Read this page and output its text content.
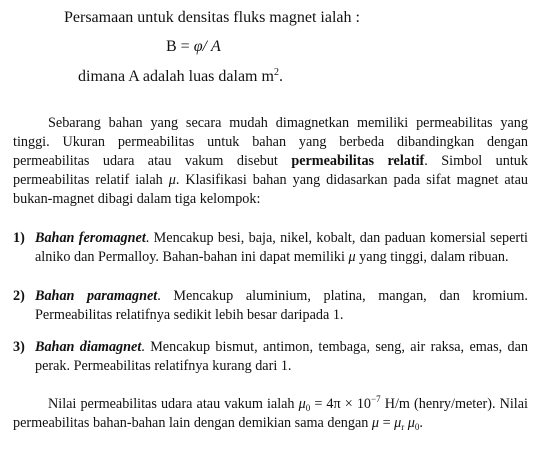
Persamaan untuk densitas fluks magnet ialah :
B = φ/ A
dimana A adalah luas dalam $m^2$.
Sebarang bahan yang secara mudah dimagnetkan memiliki permeabilitas yang tinggi. Ukuran permeabilitas untuk bahan yang berbeda dibandingkan dengan permeabilitas udara atau vakum disebut permeabilitas relatif. Simbol untuk permeabilitas relatif ialah μ. Klasifikasi bahan yang didasarkan pada sifat magnet atau bukan-magnet dibagi dalam tiga kelompok:
1) Bahan feromagnet. Mencakup besi, baja, nikel, kobalt, dan paduan komersial seperti alniko dan Permalloy. Bahan-bahan ini dapat memiliki μ yang tinggi, dalam ribuan.
2) Bahan paramagnet. Mencakup aluminium, platina, mangan, dan kromium. Permeabilitas relatifnya sedikit lebih besar daripada 1.
3) Bahan diamagnet. Mencakup bismut, antimon, tembaga, seng, air raksa, emas, dan perak. Permeabilitas relatifnya kurang dari 1.
Nilai permeabilitas udara atau vakum ialah $\mu_0 = 4\pi \times 10^{-7}$ H/m (henry/meter). Nilai permeabilitas bahan-bahan lain dengan demikian sama dengan $\mu = \mu_r$ $\mu_0$.
